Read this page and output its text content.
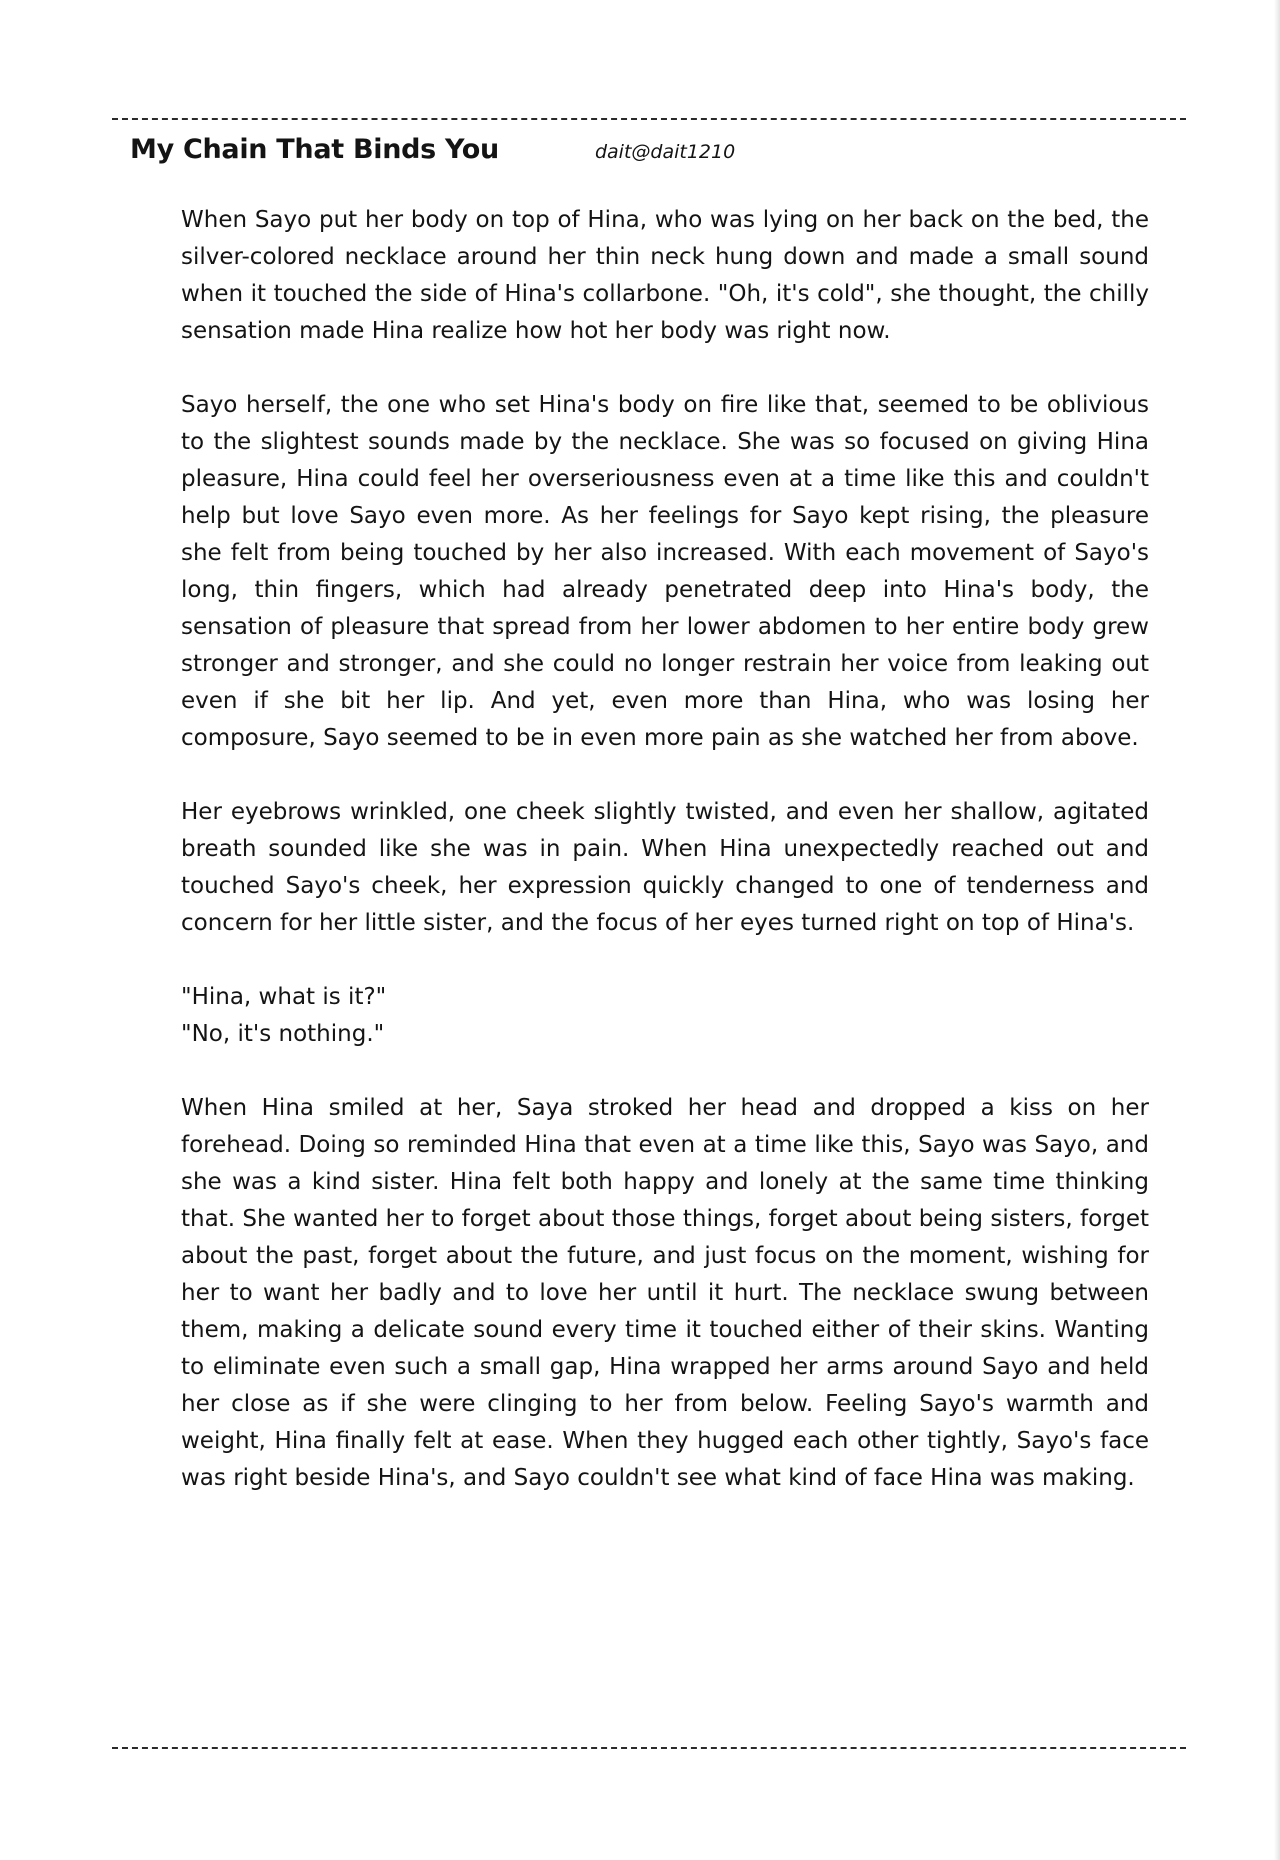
My Chain That Binds You	dait@dait1210

When Sayo put her body on top of Hina, who was lying on her back on the bed, the silver-colored necklace around her thin neck hung down and made a small sound when it touched the side of Hina's collarbone. "Oh, it's cold", she thought, the chilly sensation made Hina realize how hot her body was right now.

Sayo herself, the one who set Hina's body on fire like that, seemed to be oblivious to the slightest sounds made by the necklace. She was so focused on giving Hina pleasure, Hina could feel her overseriousness even at a time like this and couldn't help but love Sayo even more. As her feelings for Sayo kept rising, the pleasure she felt from being touched by her also increased. With each movement of Sayo's long, thin fingers, which had already penetrated deep into Hina's body, the sensation of pleasure that spread from her lower abdomen to her entire body grew stronger and stronger, and she could no longer restrain her voice from leaking out even if she bit her lip. And yet, even more than Hina, who was losing her composure, Sayo seemed to be in even more pain as she watched her from above.

Her eyebrows wrinkled, one cheek slightly twisted, and even her shallow, agitated breath sounded like she was in pain. When Hina unexpectedly reached out and touched Sayo's cheek, her expression quickly changed to one of tenderness and concern for her little sister, and the focus of her eyes turned right on top of Hina's.

"Hina, what is it?"

"No, it's nothing."

When Hina smiled at her, Saya stroked her head and dropped a kiss on her forehead. Doing so reminded Hina that even at a time like this, Sayo was Sayo, and she was a kind sister. Hina felt both happy and lonely at the same time thinking that. She wanted her to forget about those things, forget about being sisters, forget about the past, forget about the future, and just focus on the moment, wishing for her to want her badly and to love her until it hurt. The necklace swung between them, making a delicate sound every time it touched either of their skins. Wanting to eliminate even such a small gap, Hina wrapped her arms around Sayo and held her close as if she were clinging to her from below. Feeling Sayo's warmth and weight, Hina finally felt at ease. When they hugged each other tightly, Sayo's face was right beside Hina's, and Sayo couldn't see what kind of face Hina was making.
